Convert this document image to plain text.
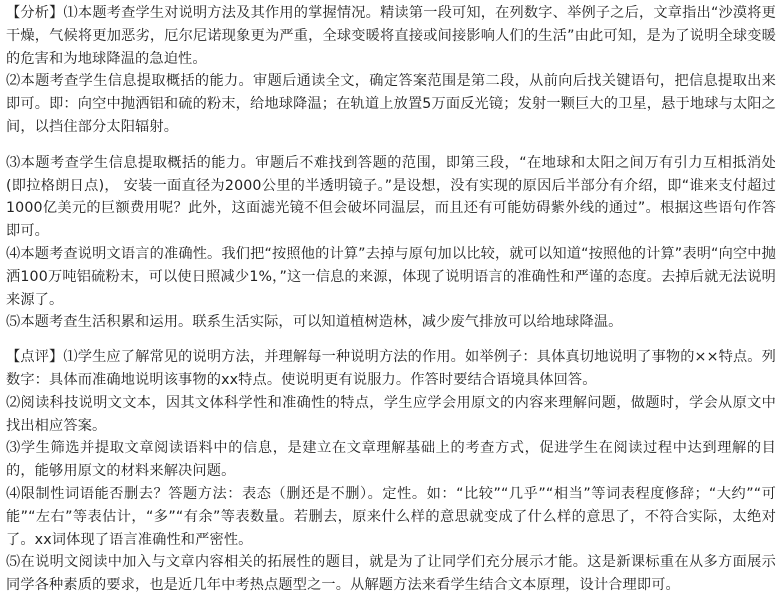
【分析】⑴本题考查学生对说明方法及其作用的掌握情况。精读第一段可知，在列数字、举例子之后，文章指出“沙漠将更干燥，气候将更加恶劣，厄尔尼诺现象更为严重，全球变暖将直接或间接影响人们的生活”由此可知，是为了说明全球变暖的危害和为地球降温的急迫性。

⑵本题考查学生信息提取概括的能力。审题后通读全文，确定答案范围是第二段，从前向后找关键语句，把信息提取出来即可。即：向空中抛洒铝和硫的粉末，给地球降温；在轨道上放置5万面反光镜；发射一颗巨大的卫星，悬于地球与太阳之间，以挡住部分太阳辐射。

⑶本题考查学生信息提取概括的能力。审题后不难找到答题的范围，即第三段，“在地球和太阳之间万有引力互相抵消处(即拉格朗日点)， 安装一面直径为2000公里的半透明镜子。”是设想，没有实现的原因后半部分有介绍，即“谁来支付超过1000亿美元的巨额费用呢？此外，这面滤光镜不但会破坏同温层，而且还有可能妨碍紫外线的通过”。根据这些语句作答即可。

⑷本题考查说明文语言的准确性。我们把“按照他的计算”去掉与原句加以比较，就可以知道“按照他的计算”表明“向空中抛洒100万吨铝硫粉末，可以使日照减少1%，”这一信息的来源，体现了说明语言的准确性和严谨的态度。去掉后就无法说明来源了。

⑸本题考查生活积累和运用。联系生活实际，可以知道植树造林，减少废气排放可以给地球降温。

【点评】⑴学生应了解常见的说明方法，并理解每一种说明方法的作用。如举例子：具体真切地说明了事物的××特点。列数字：具体而准确地说明该事物的xx特点。使说明更有说服力。作答时要结合语境具体回答。

⑵阅读科技说明文文本，因其文体科学性和准确性的特点，学生应学会用原文的内容来理解问题，做题时，学会从原文中找出相应答案。

⑶学生筛选并提取文章阅读语料中的信息，是建立在文章理解基础上的考查方式，促进学生在阅读过程中达到理解的目的，能够用原文的材料来解决问题。

⑷限制性词语能否删去？答题方法：表态（删还是不删）。定性。如：“比较”“几乎”“相当”等词表程度修辞；“大约”“可能”“左右”等表估计，“多”“有余”等表数量。若删去，原来什么样的意思就变成了什么样的意思了，不符合实际，太绝对了。xx词体现了语言准确性和严密性。

⑸在说明文阅读中加入与文章内容相关的拓展性的题目，就是为了让同学们充分展示才能。这是新课标重在从多方面展示同学各种素质的要求，也是近几年中考热点题型之一。从解题方法来看学生结合文本原理，设计合理即可。
